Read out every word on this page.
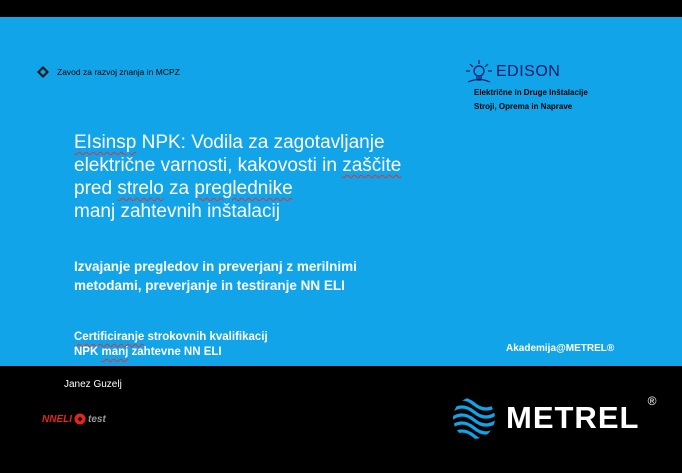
Zavod za razvoj znanja in MCPZ	EDISON
Električne in Druge Inštalacije
Stroji, Oprema in Naprave
EIsinsp NPK: Vodila za zagotavljanje
električne varnosti, kakovosti in zaščite
pred strelo za preglednike
manj zahtevnih inštalacij
Izvajanje pregledov in preverjanj z merilnimi
metodami, preverjanje in testiranje NN ELI
Certificiranje strokovnih kvalifikacij
NPK manj zahtevne NN ELI	Akademija@METREL®
Janez Guzelj
NNELI test	METREL ®
